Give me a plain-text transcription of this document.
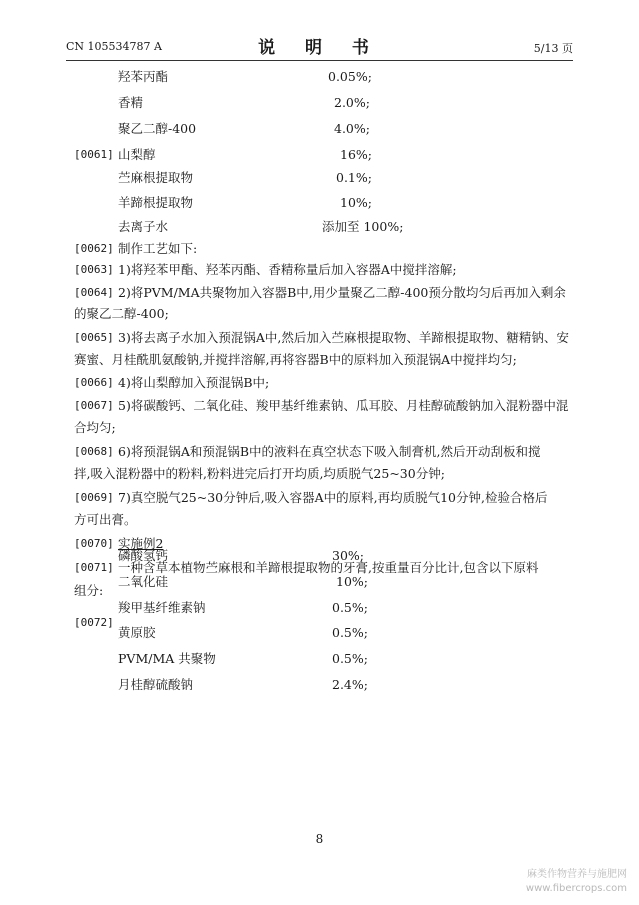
CN 105534787 A	说 明 书	5/13 页
羟苯丙酯	0.05%;
香精	2.0%;
聚乙二醇-400	4.0%;
[0061] 山梨醇	16%;
苎麻根提取物	0.1%;
羊蹄根提取物	10%;
去离子水	添加至 100%;
[0062] 制作工艺如下:
[0063] 1)将羟苯甲酯、羟苯丙酯、香精称量后加入容器A中搅拌溶解;
[0064] 2)将PVM/MA共聚物加入容器B中,用少量聚乙二醇-400预分散均匀后再加入剩余
的聚乙二醇-400;
[0065] 3)将去离子水加入预混锅A中,然后加入苎麻根提取物、羊蹄根提取物、糖精钠、安
赛蜜、月桂酰肌氨酸钠,并搅拌溶解,再将容器B中的原料加入预混锅A中搅拌均匀;
[0066] 4)将山梨醇加入预混锅B中;
[0067] 5)将碳酸钙、二氧化硅、羧甲基纤维素钠、瓜耳胶、月桂醇硫酸钠加入混粉器中混
合均匀;
[0068] 6)将预混锅A和预混锅B中的液料在真空状态下吸入制膏机,然后开动刮板和搅
拌,吸入混粉器中的粉料,粉料进完后打开均质,均质脱气25~30分钟;
[0069] 7)真空脱气25~30分钟后,吸入容器A中的原料,再均质脱气10分钟,检验合格后
方可出膏。
[0070] 实施例2
[0071] 一种含草本植物苎麻根和羊蹄根提取物的牙膏,按重量百分比计,包含以下原料
组分:
[0072]
磷酸氢钙	30%;
二氧化硅	10%;
羧甲基纤维素钠	0.5%;
黄原胶	0.5%;
PVM/MA 共聚物	0.5%;
月桂醇硫酸钠	2.4%;
8
麻类作物营养与施肥网
www.fibercrops.com
